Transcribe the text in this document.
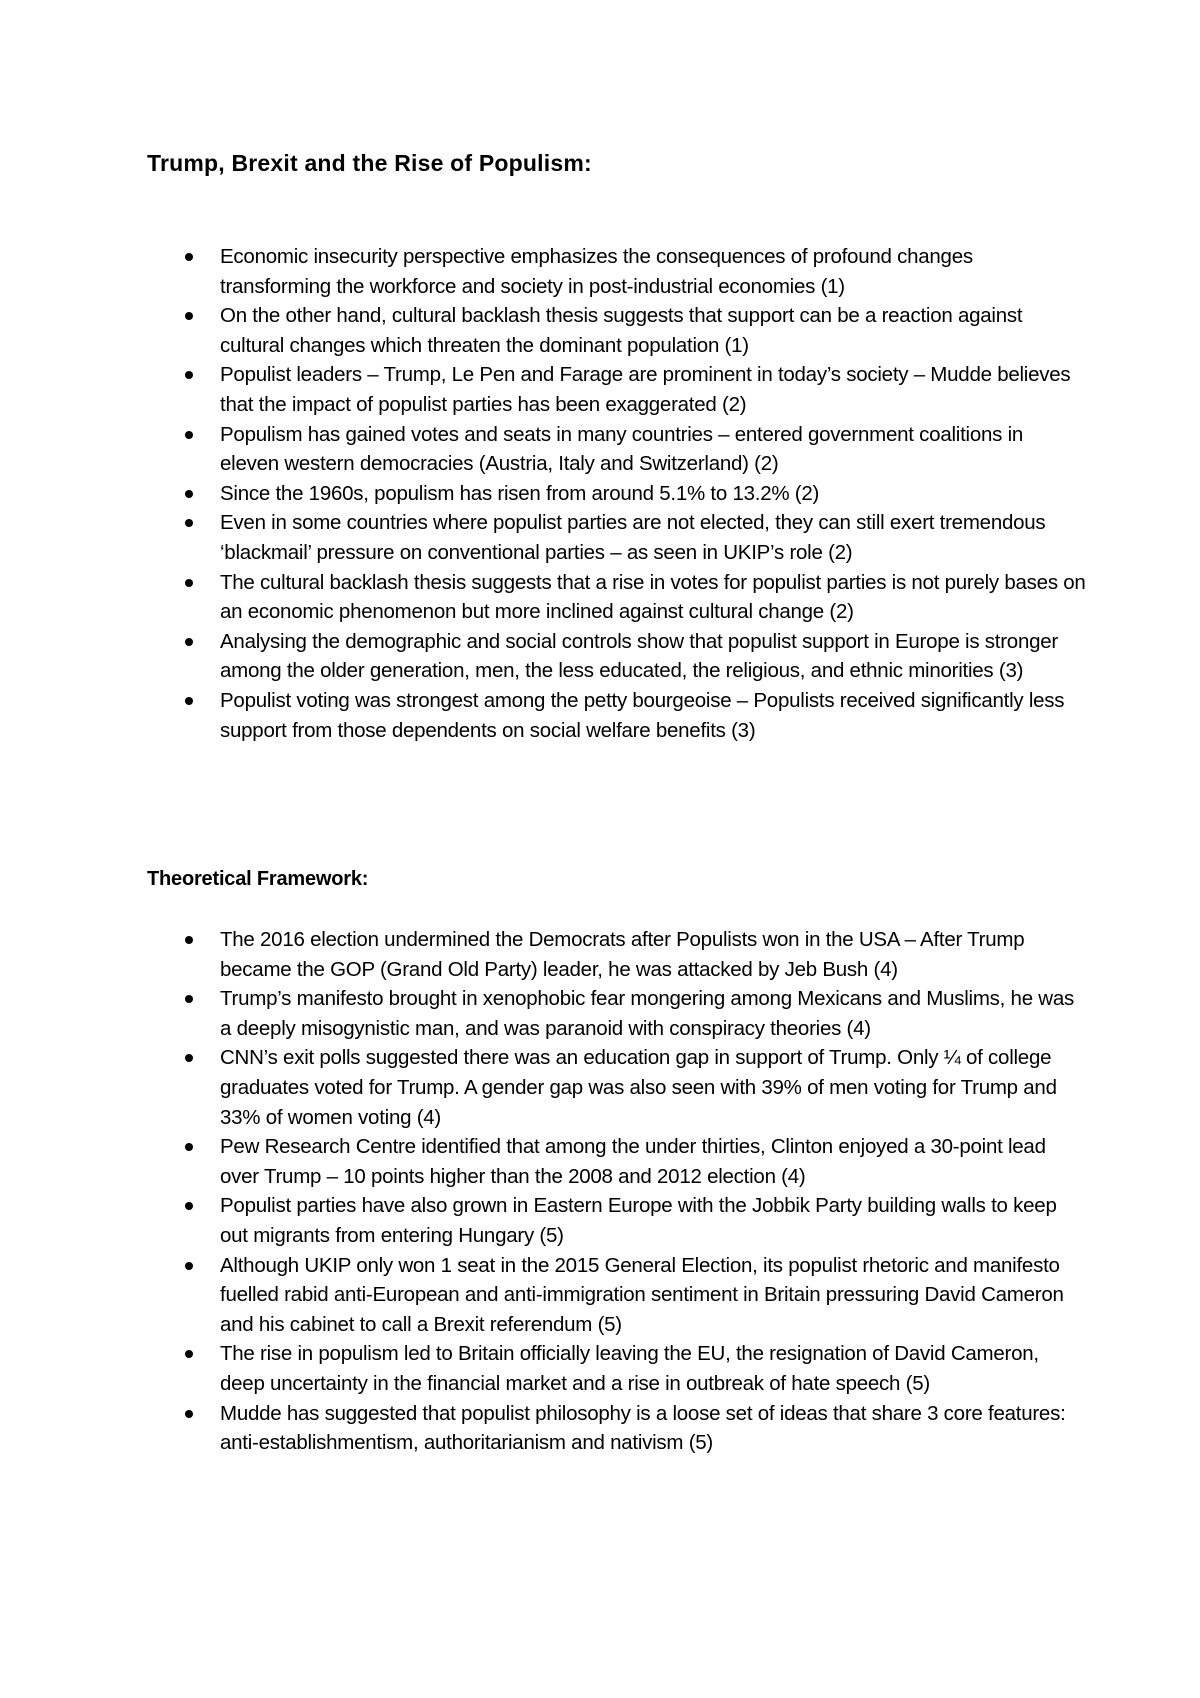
Trump, Brexit and the Rise of Populism:
Economic insecurity perspective emphasizes the consequences of profound changes transforming the workforce and society in post-industrial economies (1)
On the other hand, cultural backlash thesis suggests that support can be a reaction against cultural changes which threaten the dominant population (1)
Populist leaders – Trump, Le Pen and Farage are prominent in today’s society – Mudde believes that the impact of populist parties has been exaggerated (2)
Populism has gained votes and seats in many countries – entered government coalitions in eleven western democracies (Austria, Italy and Switzerland) (2)
Since the 1960s, populism has risen from around 5.1% to 13.2% (2)
Even in some countries where populist parties are not elected, they can still exert tremendous ‘blackmail’ pressure on conventional parties – as seen in UKIP’s role (2)
The cultural backlash thesis suggests that a rise in votes for populist parties is not purely bases on an economic phenomenon but more inclined against cultural change (2)
Analysing the demographic and social controls show that populist support in Europe is stronger among the older generation, men, the less educated, the religious, and ethnic minorities (3)
Populist voting was strongest among the petty bourgeoise – Populists received significantly less support from those dependents on social welfare benefits (3)
Theoretical Framework:
The 2016 election undermined the Democrats after Populists won in the USA – After Trump became the GOP (Grand Old Party) leader, he was attacked by Jeb Bush (4)
Trump’s manifesto brought in xenophobic fear mongering among Mexicans and Muslims, he was a deeply misogynistic man, and was paranoid with conspiracy theories (4)
CNN’s exit polls suggested there was an education gap in support of Trump. Only ¼ of college graduates voted for Trump. A gender gap was also seen with 39% of men voting for Trump and 33% of women voting (4)
Pew Research Centre identified that among the under thirties, Clinton enjoyed a 30-point lead over Trump – 10 points higher than the 2008 and 2012 election (4)
Populist parties have also grown in Eastern Europe with the Jobbik Party building walls to keep out migrants from entering Hungary (5)
Although UKIP only won 1 seat in the 2015 General Election, its populist rhetoric and manifesto fuelled rabid anti-European and anti-immigration sentiment in Britain pressuring David Cameron and his cabinet to call a Brexit referendum (5)
The rise in populism led to Britain officially leaving the EU, the resignation of David Cameron, deep uncertainty in the financial market and a rise in outbreak of hate speech (5)
Mudde has suggested that populist philosophy is a loose set of ideas that share 3 core features: anti-establishmentism, authoritarianism and nativism (5)
